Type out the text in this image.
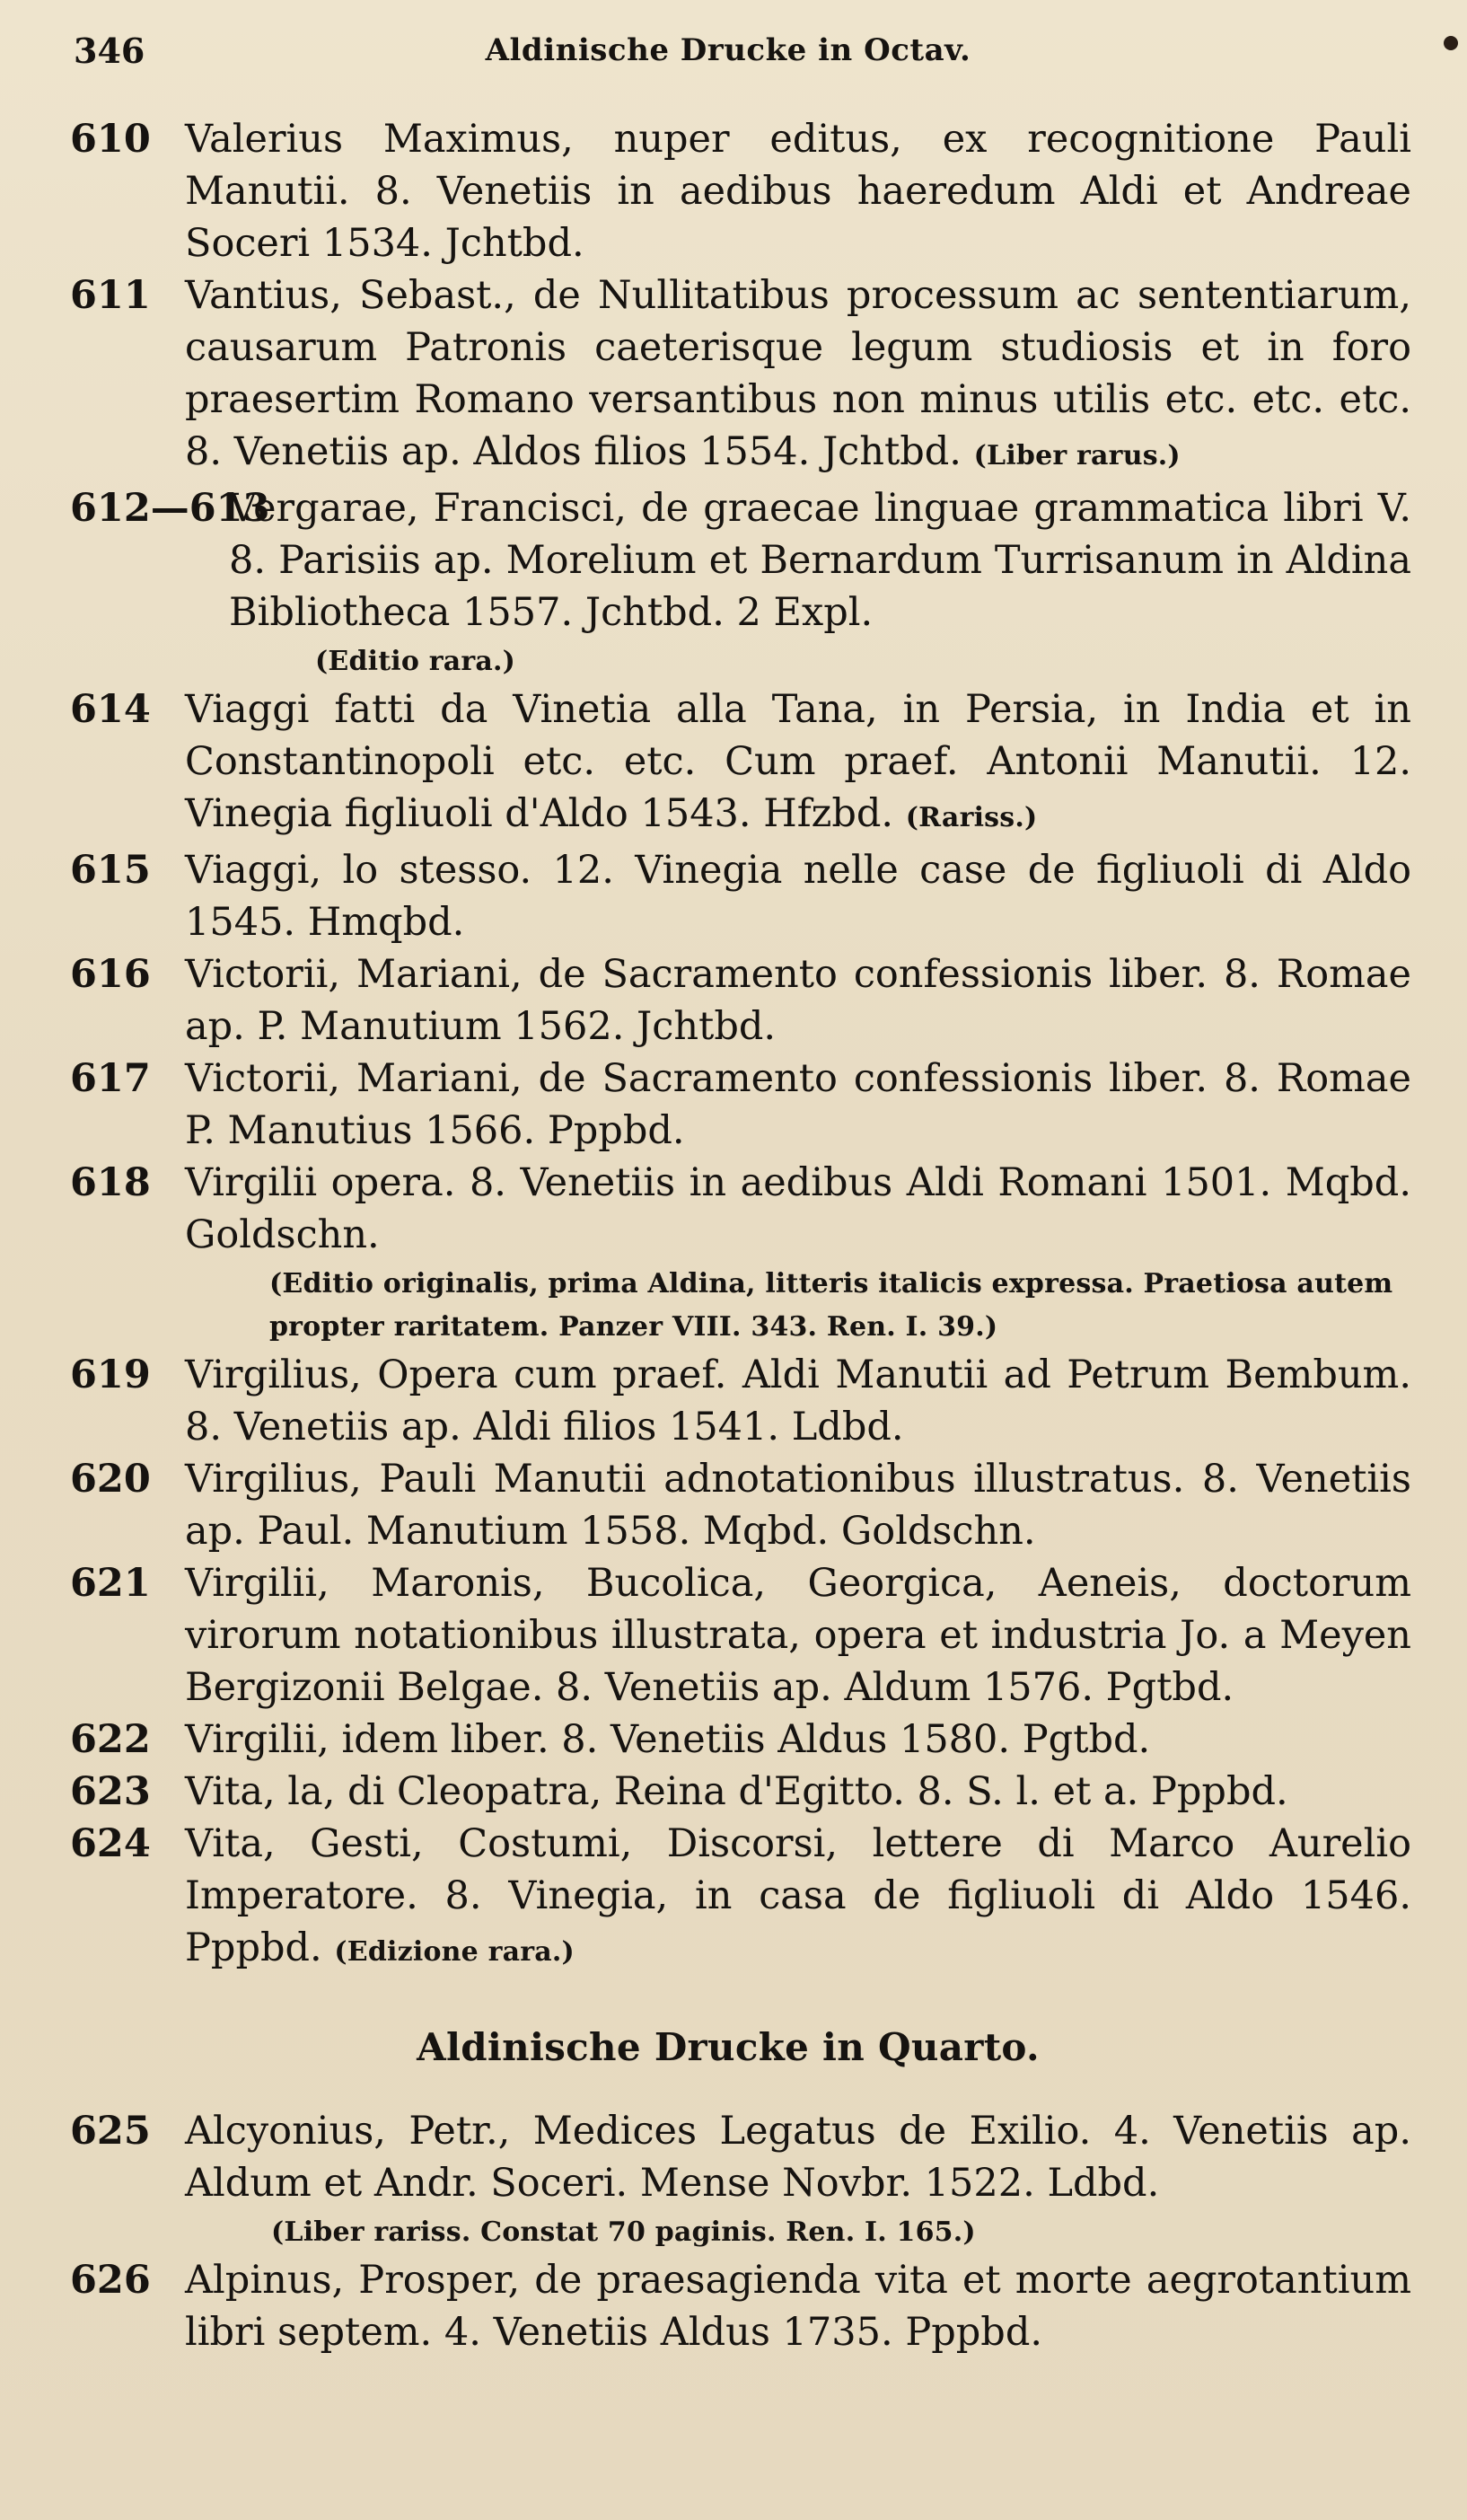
346	Aldinische Drucke in Octav.
610 Valerius Maximus, nuper editus, ex recognitione Pauli Manutii. 8. Venetiis in aedibus haeredum Aldi et Andreae Soceri 1534. Jchtbd.
611 Vantius, Sebast., de Nullitatibus processum ac sententiarum, causarum Patronis caeterisque legum studiosis et in foro praesertim Romano versantibus non minus utilis etc. etc. etc. 8. Venetiis ap. Aldos filios 1554. Jchtbd. (Liber rarus.)
612—613
Vergarae, Francisci, de graecae linguae grammatica libri V. 8. Parisiis ap. Morelium et Bernardum Turrisanum in Aldina Bibliotheca 1557. Jchtbd. 2 Expl.
(Editio rara.)
614 Viaggi fatti da Vinetia alla Tana, in Persia, in India et in Constantinopoli etc. etc. Cum praef. Antonii Manutii. 12. Vinegia figliuoli d'Aldo 1543. Hfzbd. (Rariss.)
615 Viaggi, lo stesso. 12. Vinegia nelle case de figliuoli di Aldo 1545. Hmqbd.
616 Victorii, Mariani, de Sacramento confessionis liber. 8. Romae ap. P. Manutium 1562. Jchtbd.
617 Victorii, Mariani, de Sacramento confessionis liber. 8. Romae P. Manutius 1566. Pppbd.
618 Virgilii opera. 8. Venetiis in aedibus Aldi Romani 1501. Mqbd. Goldschn.
(Editio originalis, prima Aldina, litteris italicis expressa. Praetiosa autem propter raritatem. Panzer VIII. 343. Ren. I. 39.)
619 Virgilius, Opera cum praef. Aldi Manutii ad Petrum Bembum. 8. Venetiis ap. Aldi filios 1541. Ldbd.
620 Virgilius, Pauli Manutii adnotationibus illustratus. 8. Venetiis ap. Paul. Manutium 1558. Mqbd. Goldschn.
621 Virgilii, Maronis, Bucolica, Georgica, Aeneis, doctorum virorum notationibus illustrata, opera et industria Jo. a Meyen Bergizonii Belgae. 8. Venetiis ap. Aldum 1576. Pgtbd.
622 Virgilii, idem liber. 8. Venetiis Aldus 1580. Pgtbd.
623 Vita, la, di Cleopatra, Reina d'Egitto. 8. S. l. et a. Pppbd.
624 Vita, Gesti, Costumi, Discorsi, lettere di Marco Aurelio Imperatore. 8. Vinegia, in casa de figliuoli di Aldo 1546. Pppbd. (Edizione rara.)
Aldinische Drucke in Quarto.
625 Alcyonius, Petr., Medices Legatus de Exilio. 4. Venetiis ap. Aldum et Andr. Soceri. Mense Novbr. 1522. Ldbd.
(Liber rariss. Constat 70 paginis. Ren. I. 165.)
626 Alpinus, Prosper, de praesagienda vita et morte aegrotantium libri septem. 4. Venetiis Aldus 1735. Pppbd.
